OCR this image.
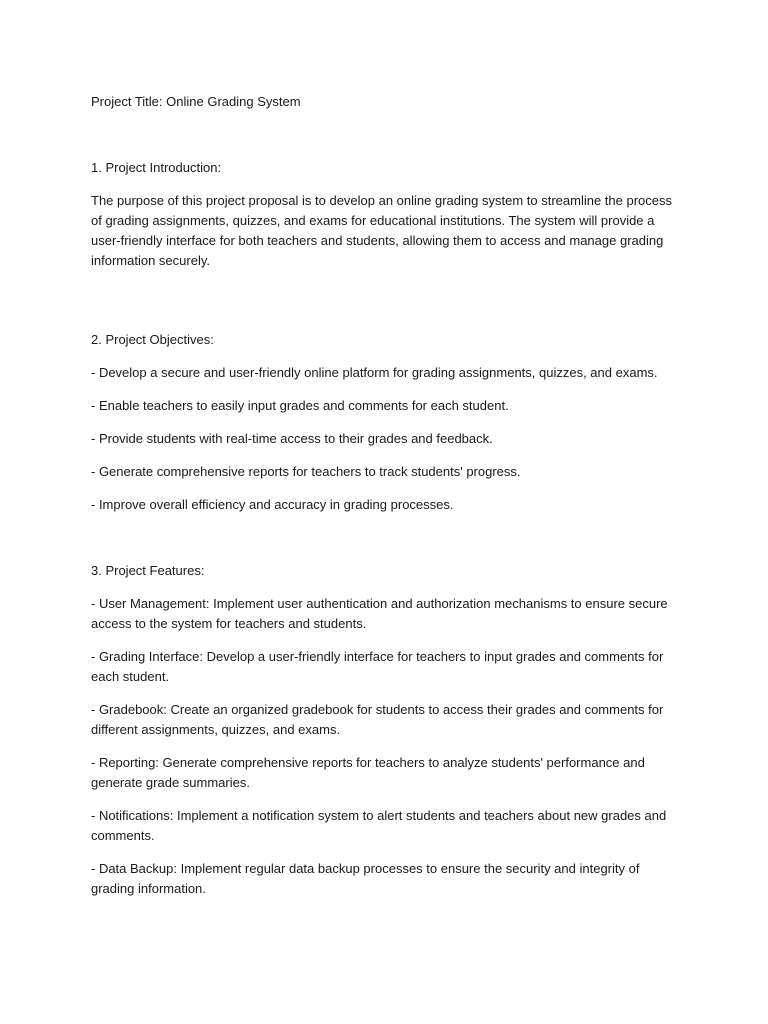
Project Title: Online Grading System

1. Project Introduction:

The purpose of this project proposal is to develop an online grading system to streamline the process of grading assignments, quizzes, and exams for educational institutions. The system will provide a user-friendly interface for both teachers and students, allowing them to access and manage grading information securely.

2. Project Objectives:

- Develop a secure and user-friendly online platform for grading assignments, quizzes, and exams.

- Enable teachers to easily input grades and comments for each student.

- Provide students with real-time access to their grades and feedback.

- Generate comprehensive reports for teachers to track students' progress.

- Improve overall efficiency and accuracy in grading processes.

3. Project Features:

- User Management: Implement user authentication and authorization mechanisms to ensure secure access to the system for teachers and students.

- Grading Interface: Develop a user-friendly interface for teachers to input grades and comments for each student.

- Gradebook: Create an organized gradebook for students to access their grades and comments for different assignments, quizzes, and exams.

- Reporting: Generate comprehensive reports for teachers to analyze students' performance and generate grade summaries.

- Notifications: Implement a notification system to alert students and teachers about new grades and comments.

- Data Backup: Implement regular data backup processes to ensure the security and integrity of grading information.
